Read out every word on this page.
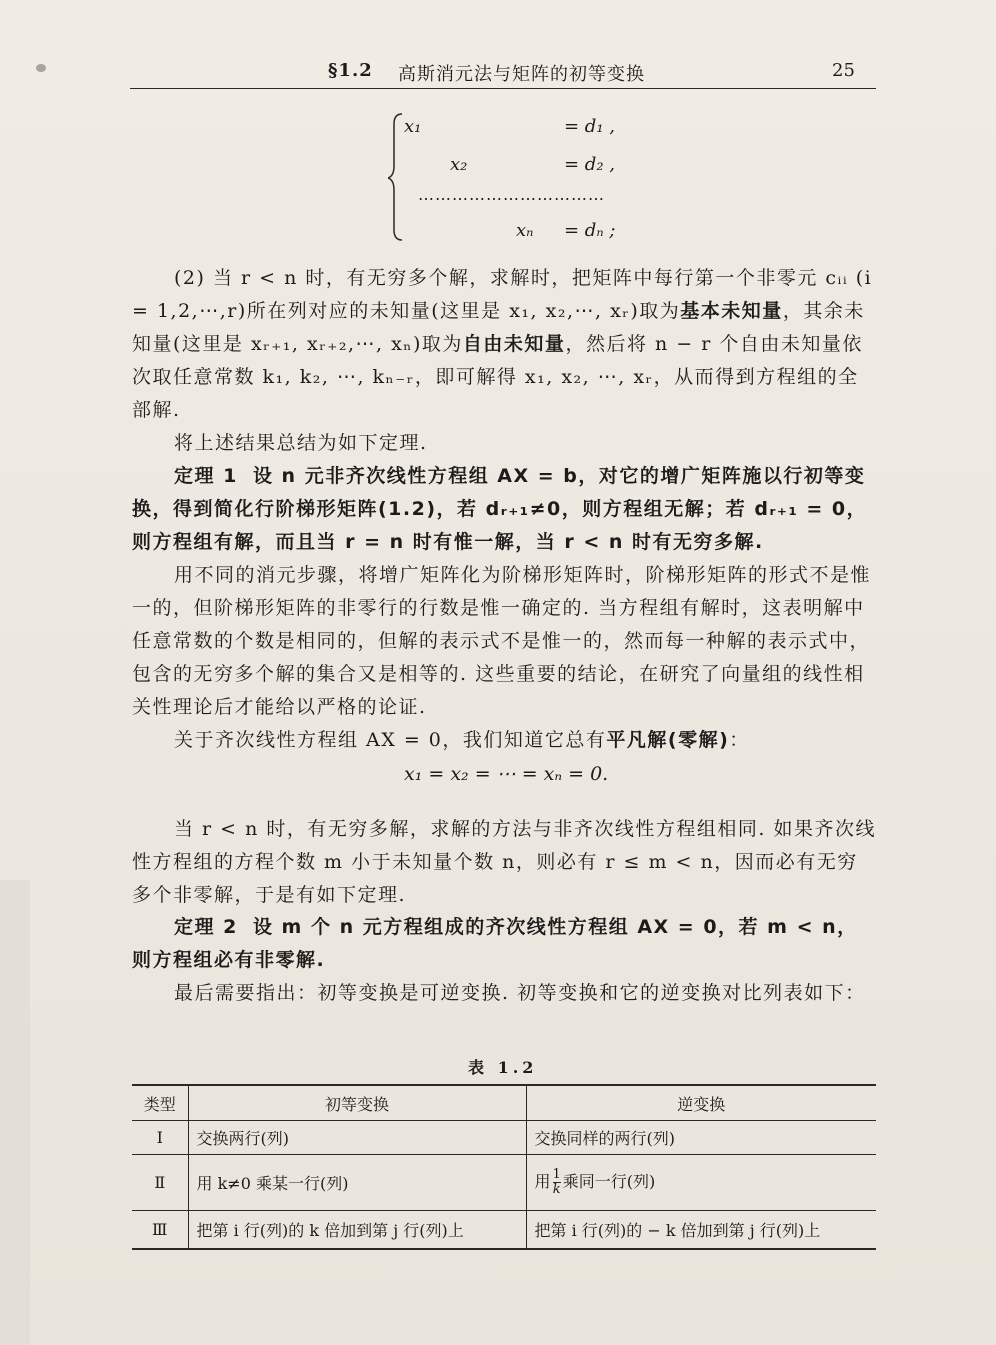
§1.2 高斯消元法与矩阵的初等变换	25
x₁	= d₁ ,
x₂	= d₂ ,
……………………………
xₙ = dₙ ;

(2) 当 r < n 时，有无穷多个解，求解时，把矩阵中每行第一个非零元 cᵢᵢ (i = 1,2,⋯,r)所在列对应的未知量(这里是 x₁, x₂,⋯, xᵣ)取为基本未知量，其余未知量(这里是 xᵣ₊₁, xᵣ₊₂,⋯, xₙ)取为自由未知量，然后将 n − r 个自由未知量依次取任意常数 k₁, k₂, ⋯, kₙ₋ᵣ，即可解得 x₁, x₂, ⋯, xᵣ，从而得到方程组的全部解.

将上述结果总结为如下定理.

定理 1 设 n 元非齐次线性方程组 AX = b，对它的增广矩阵施以行初等变换，得到简化行阶梯形矩阵(1.2)，若 dᵣ₊₁≠0，则方程组无解；若 dᵣ₊₁ = 0，则方程组有解，而且当 r = n 时有惟一解，当 r < n 时有无穷多解.

用不同的消元步骤，将增广矩阵化为阶梯形矩阵时，阶梯形矩阵的形式不是惟一的，但阶梯形矩阵的非零行的行数是惟一确定的. 当方程组有解时，这表明解中任意常数的个数是相同的，但解的表示式不是惟一的，然而每一种解的表示式中，包含的无穷多个解的集合又是相等的. 这些重要的结论，在研究了向量组的线性相关性理论后才能给以严格的论证.

关于齐次线性方程组 AX = 0，我们知道它总有平凡解(零解)：

x₁ = x₂ = ⋯ = xₙ = 0.

当 r < n 时，有无穷多解，求解的方法与非齐次线性方程组相同. 如果齐次线性方程组的方程个数 m 小于未知量个数 n，则必有 r ≤ m < n，因而必有无穷多个非零解，于是有如下定理.

定理 2 设 m 个 n 元方程组成的齐次线性方程组 AX = 0，若 m < n，则方程组必有非零解.

最后需要指出：初等变换是可逆变换. 初等变换和它的逆变换对比列表如下：

表 1.2
类型	初等变换	逆变换
Ⅰ	交换两行(列)	交换同样的两行(列)
Ⅱ	用 k≠0 乘某一行(列)	用 $\frac{1}{k}$ 乘同一行(列)
Ⅲ	把第 i 行(列)的 k 倍加到第 j 行(列)上	把第 i 行(列)的 − k 倍加到第 j 行(列)上
